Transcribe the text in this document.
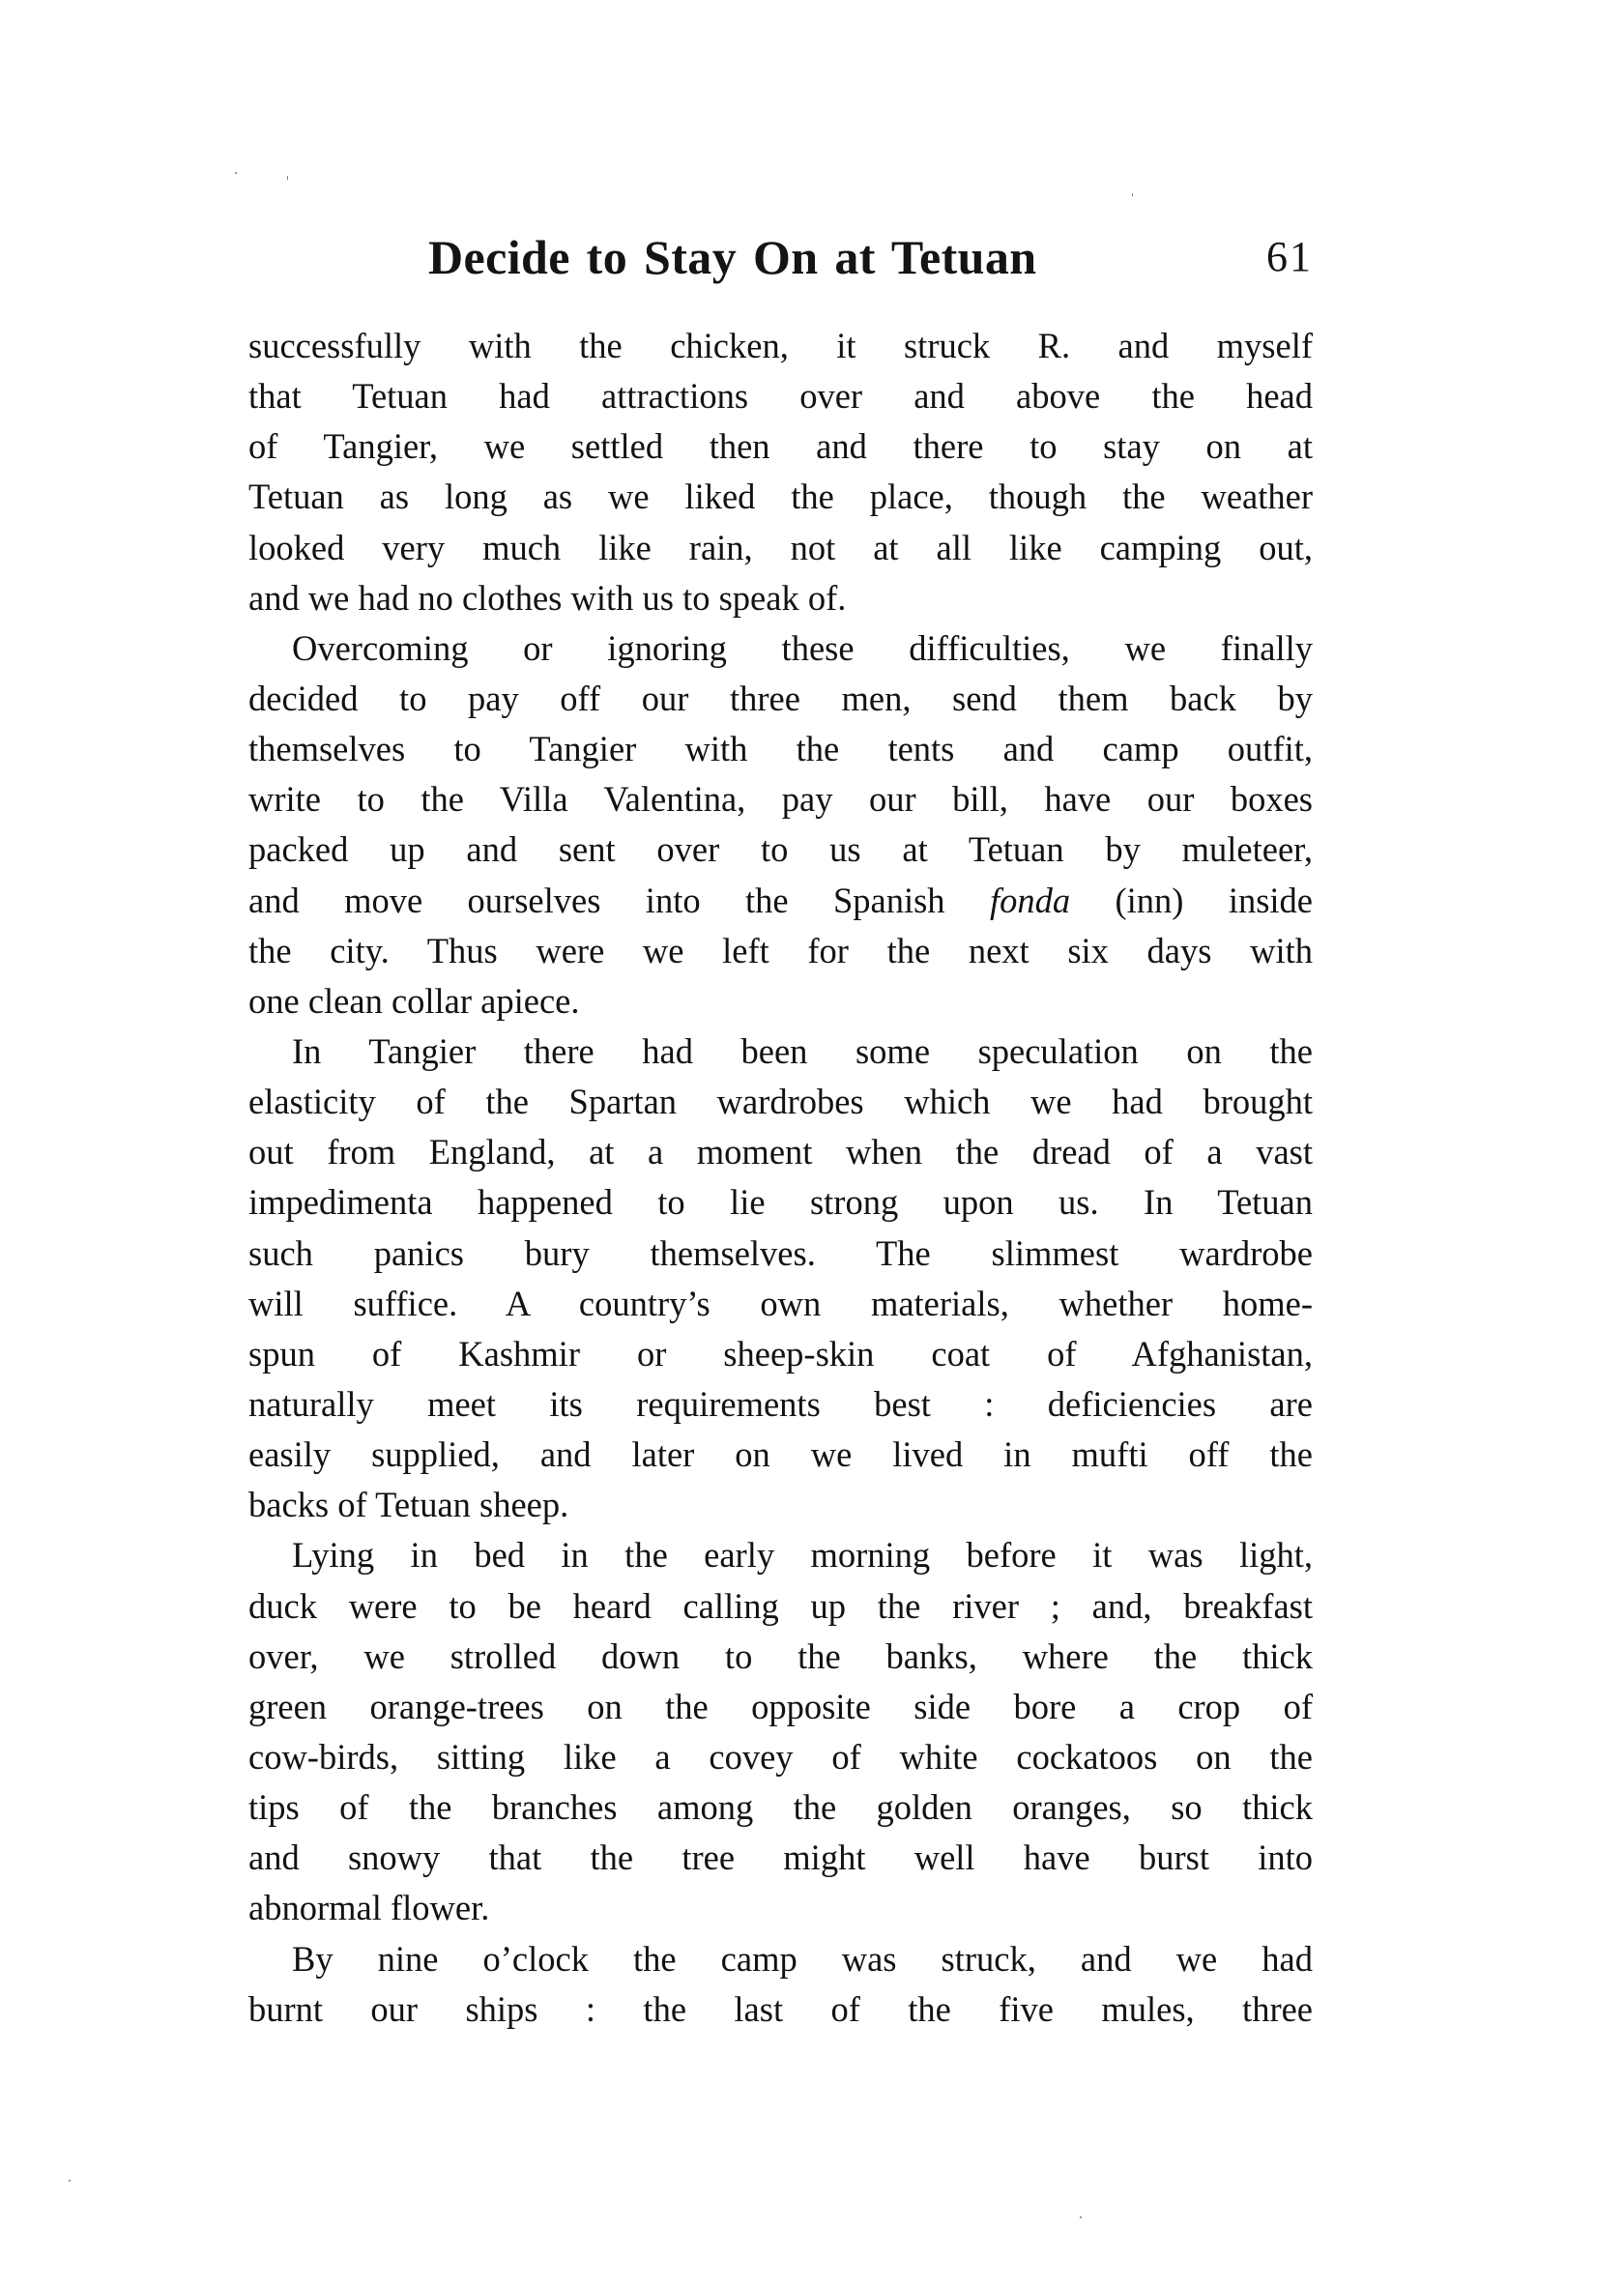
Decide to Stay On at Tetuan	61
successfully with the chicken, it struck R. and myself
that Tetuan had attractions over and above the head
of Tangier, we settled then and there to stay on at
Tetuan as long as we liked the place, though the weather
looked very much like rain, not at all like camping out,
and we had no clothes with us to speak of.
Overcoming or ignoring these difficulties, we finally
decided to pay off our three men, send them back by
themselves to Tangier with the tents and camp outfit,
write to the Villa Valentina, pay our bill, have our boxes
packed up and sent over to us at Tetuan by muleteer,
and move ourselves into the Spanish fonda (inn) inside
the city. Thus were we left for the next six days with
one clean collar apiece.
In Tangier there had been some speculation on the
elasticity of the Spartan wardrobes which we had brought
out from England, at a moment when the dread of a vast
impedimenta happened to lie strong upon us. In Tetuan
such panics bury themselves. The slimmest wardrobe
will suffice. A country’s own materials, whether home-
spun of Kashmir or sheep-skin coat of Afghanistan,
naturally meet its requirements best : deficiencies are
easily supplied, and later on we lived in mufti off the
backs of Tetuan sheep.
Lying in bed in the early morning before it was light,
duck were to be heard calling up the river ; and, breakfast
over, we strolled down to the banks, where the thick
green orange-trees on the opposite side bore a crop of
cow-birds, sitting like a covey of white cockatoos on the
tips of the branches among the golden oranges, so thick
and snowy that the tree might well have burst into
abnormal flower.
By nine o’clock the camp was struck, and we had
burnt our ships : the last of the five mules, three
